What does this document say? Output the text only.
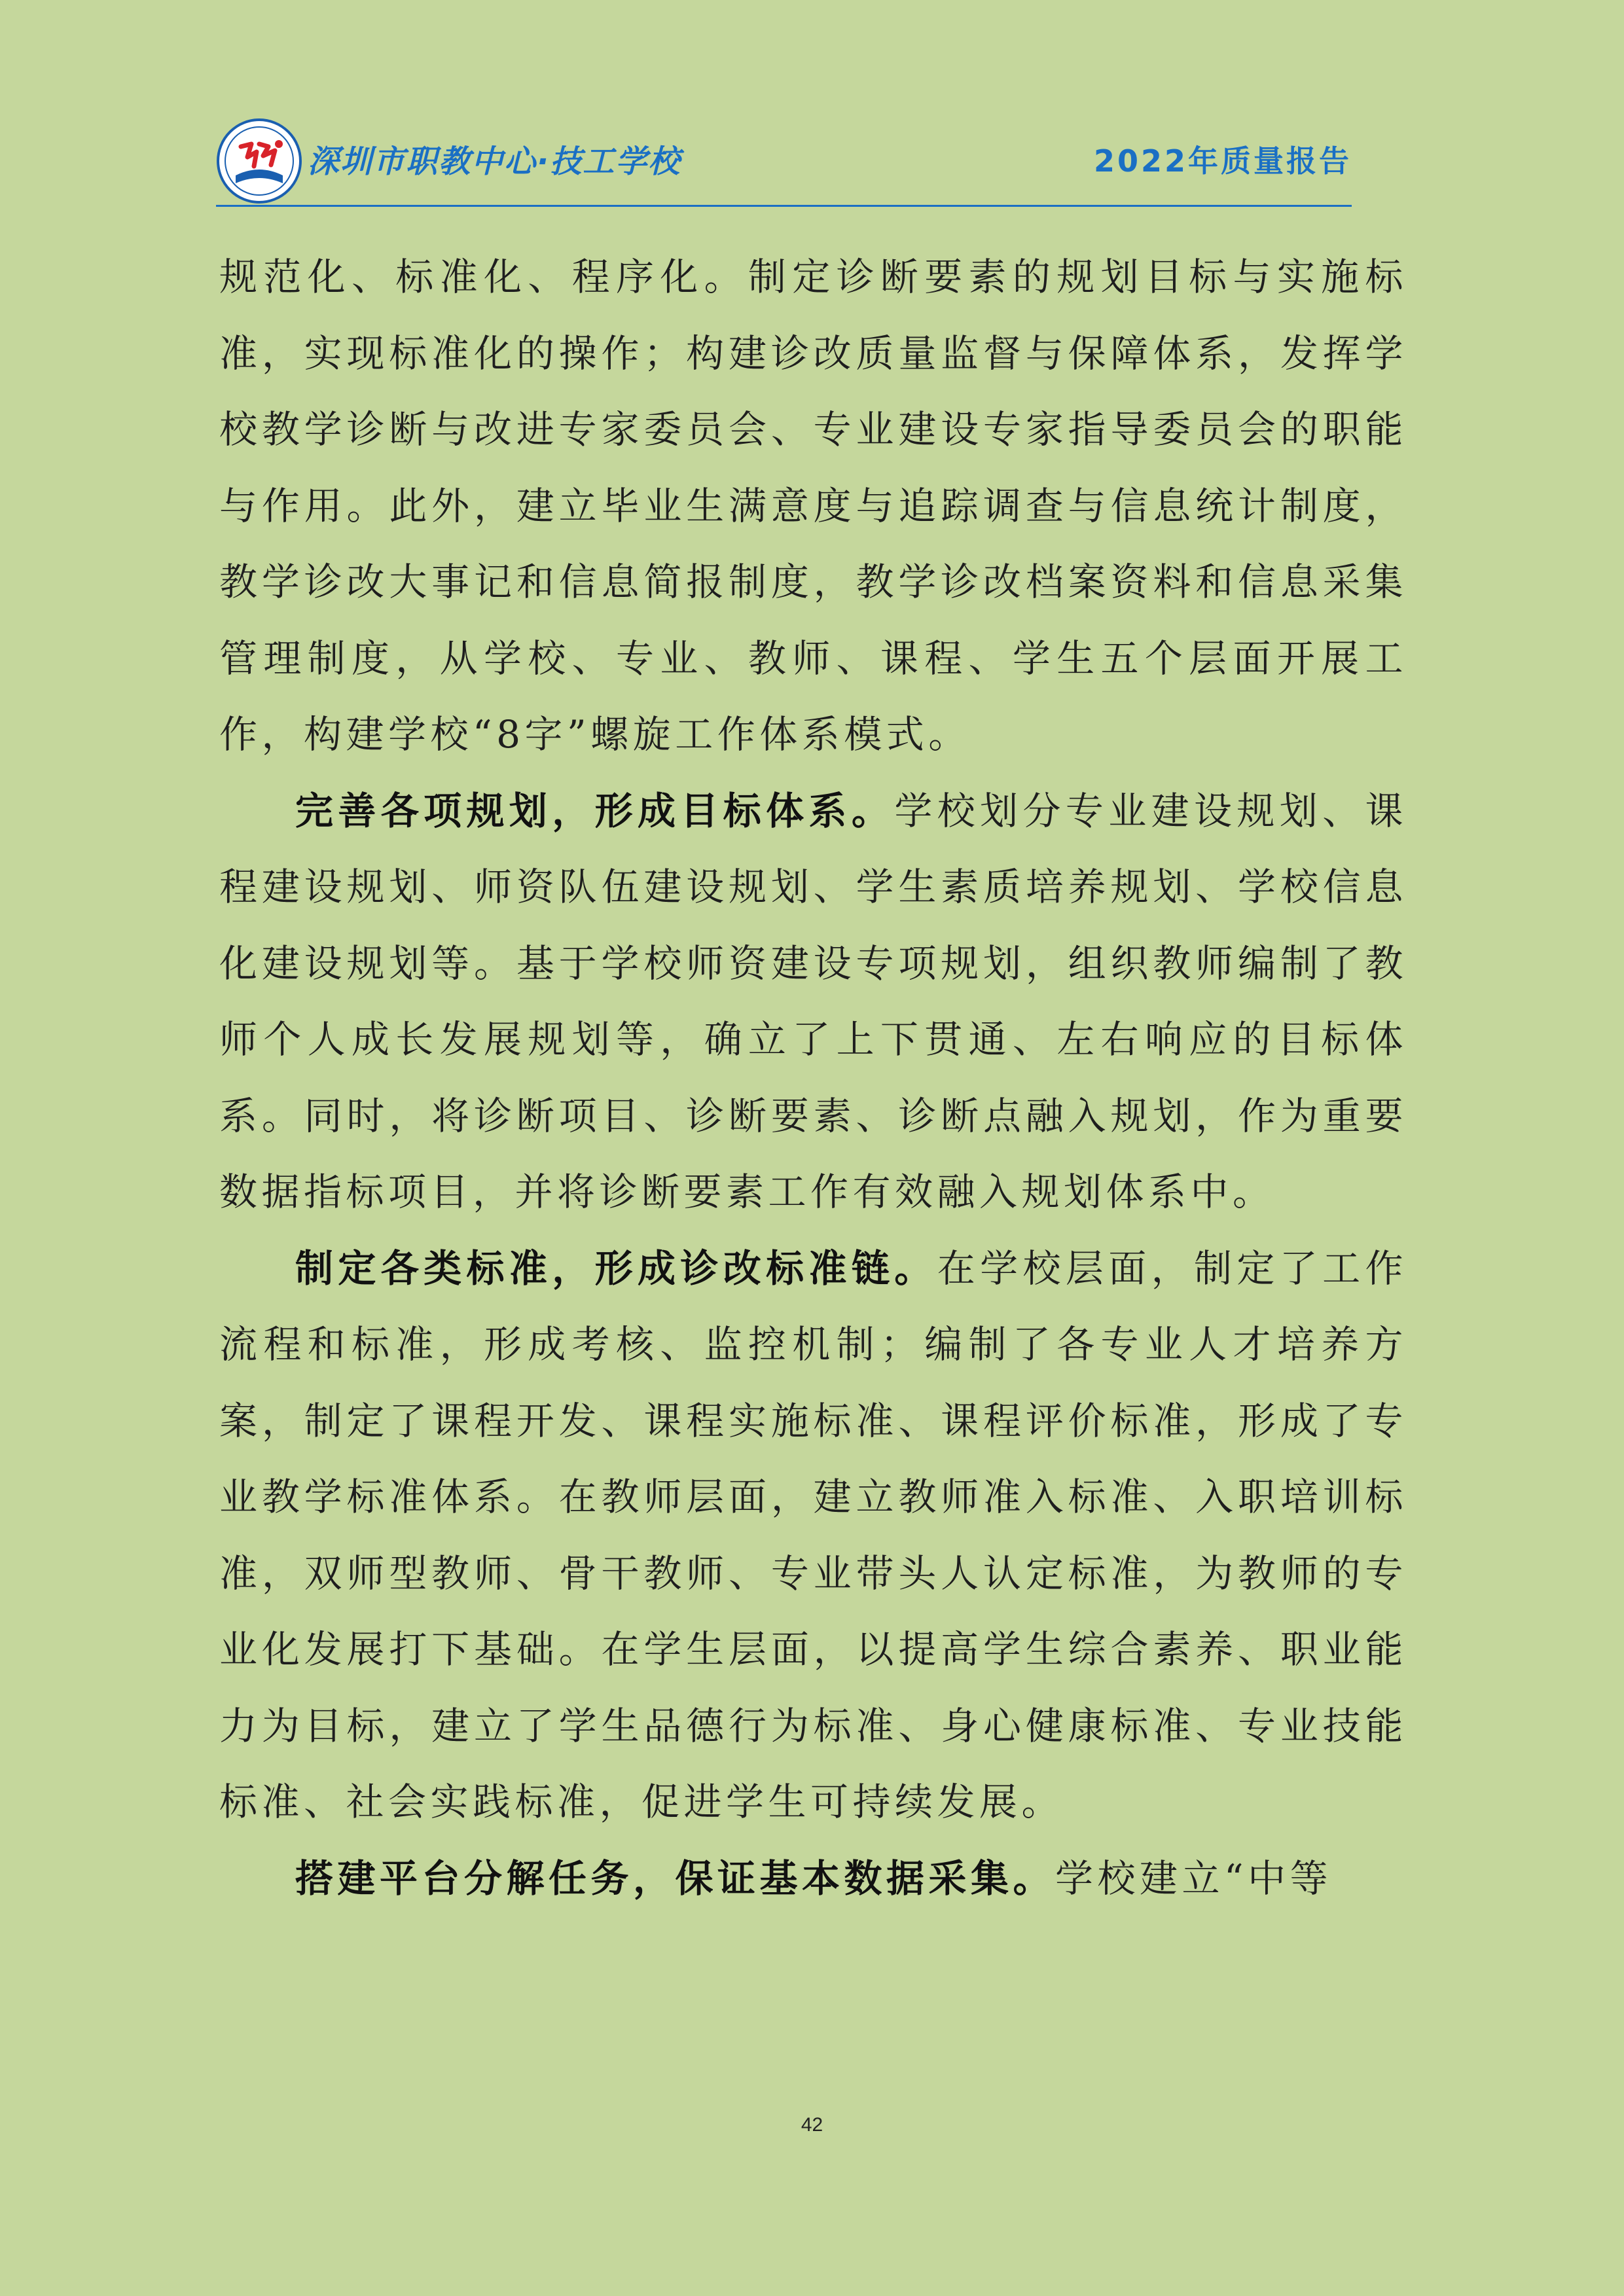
深圳市职教中心·技工学校	2022年质量报告

规范化、标准化、程序化。制定诊断要素的规划目标与实施标准，实现标准化的操作；构建诊改质量监督与保障体系，发挥学校教学诊断与改进专家委员会、专业建设专家指导委员会的职能与作用。此外，建立毕业生满意度与追踪调查与信息统计制度，教学诊改大事记和信息简报制度，教学诊改档案资料和信息采集管理制度，从学校、专业、教师、课程、学生五个层面开展工作，构建学校“8字”螺旋工作体系模式。

完善各项规划，形成目标体系。学校划分专业建设规划、课程建设规划、师资队伍建设规划、学生素质培养规划、学校信息化建设规划等。基于学校师资建设专项规划，组织教师编制了教师个人成长发展规划等，确立了上下贯通、左右响应的目标体系。同时，将诊断项目、诊断要素、诊断点融入规划，作为重要数据指标项目，并将诊断要素工作有效融入规划体系中。

制定各类标准，形成诊改标准链。在学校层面，制定了工作流程和标准，形成考核、监控机制；编制了各专业人才培养方案，制定了课程开发、课程实施标准、课程评价标准，形成了专业教学标准体系。在教师层面，建立教师准入标准、入职培训标准，双师型教师、骨干教师、专业带头人认定标准，为教师的专业化发展打下基础。在学生层面，以提高学生综合素养、职业能力为目标，建立了学生品德行为标准、身心健康标准、专业技能标准、社会实践标准，促进学生可持续发展。

搭建平台分解任务，保证基本数据采集。学校建立“中等

42
